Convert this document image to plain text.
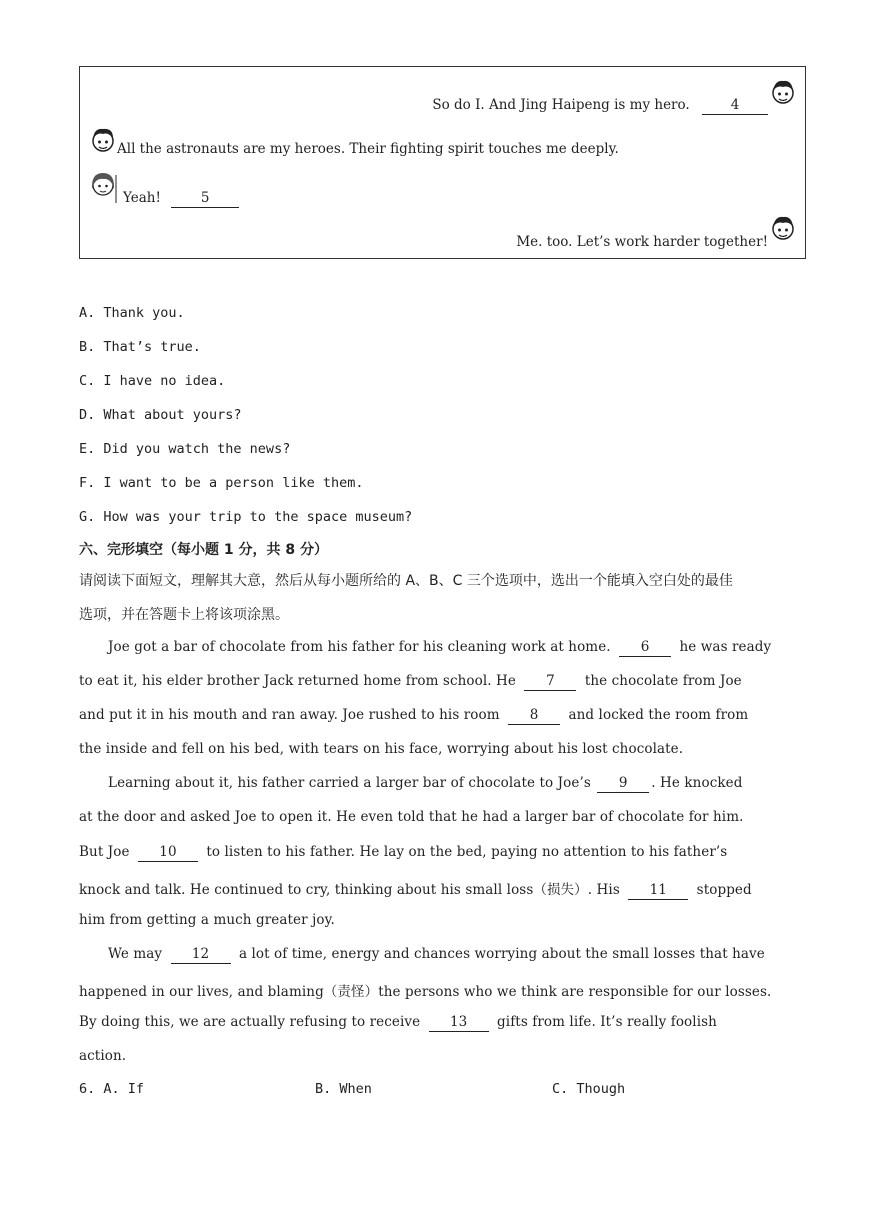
So do I. And Jing Haipeng is my hero.	4
All the astronauts are my heroes. Their fighting spirit touches me deeply.
Yeah!	5
Me. too. Let’s work harder together!
A. Thank you.
B. That’s true.
C. I have no idea.
D. What about yours?
E. Did you watch the news?
F. I want to be a person like them.
G. How was your trip to the space museum?
六、完形填空（每小题 1 分，共 8 分）
请阅读下面短文，理解其大意，然后从每小题所给的 A、B、C 三个选项中，选出一个能填入空白处的最佳
选项，并在答题卡上将该项涂黑。
Joe got a bar of chocolate from his father for his cleaning work at home. 6 he was ready
to eat it, his elder brother Jack returned home from school. He 7 the chocolate from Joe
and put it in his mouth and ran away. Joe rushed to his room 8 and locked the room from
the inside and fell on his bed, with tears on his face, worrying about his lost chocolate.
Learning about it, his father carried a larger bar of chocolate to Joe’s 9 . He knocked
at the door and asked Joe to open it. He even told that he had a larger bar of chocolate for him.
But Joe 10 to listen to his father. He lay on the bed, paying no attention to his father’s
knock and talk. He continued to cry, thinking about his small loss（损失）. His 11 stopped
him from getting a much greater joy.
We may 12 a lot of time, energy and chances worrying about the small losses that have
happened in our lives, and blaming（责怪）the persons who we think are responsible for our losses.
By doing this, we are actually refusing to receive 13 gifts from life. It’s really foolish
action.
6. A. If	B. When	C. Though
